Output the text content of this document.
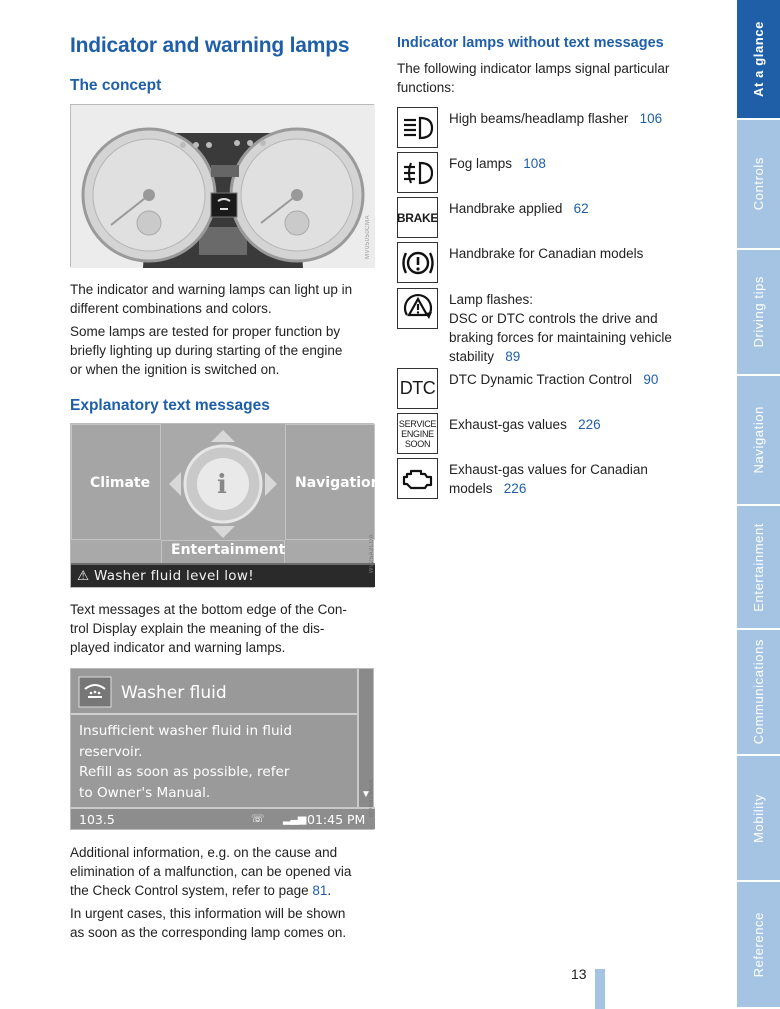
Indicator and warning lamps
The concept
MV05050CMA
The indicator and warning lamps can light up in
different combinations and colors.
Some lamps are tested for proper function by
briefly lighting up during starting of the engine
or when the ignition is switched on.
Explanatory text messages
Climate	Navigation
Entertainment
i
⚠ Washer fluid level low!
W925A2LDA
Text messages at the bottom edge of the Con-
trol Display explain the meaning of the dis-
played indicator and warning lamps.
Washer fluid
Insufficient washer fluid in fluid
reservoir.
Refill as soon as possible, refer
to Owner's Manual.	▼
103.5	☏ ▂▃▅ 01:45 PM
MV6825AVA
Additional information, e.g. on the cause and
elimination of a malfunction, can be opened via
the Check Control system, refer to page 81.
In urgent cases, this information will be shown
as soon as the corresponding lamp comes on.
Indicator lamps without text messages
The following indicator lamps signal particular
functions:
High beams/headlamp flasher 106
Fog lamps 108
BRAKE
Handbrake applied 62
Handbrake for Canadian models
Lamp flashes:
DSC or DTC controls the drive and
braking forces for maintaining vehicle
stability 89
DTC DTC Dynamic Traction Control 90
SERVICE
ENGINE
SOON
Exhaust-gas values 226
Exhaust-gas values for Canadian
models 226
At a glance
Controls
Driving tips
Navigation
Entertainment
Communications
Mobility
Reference
13
